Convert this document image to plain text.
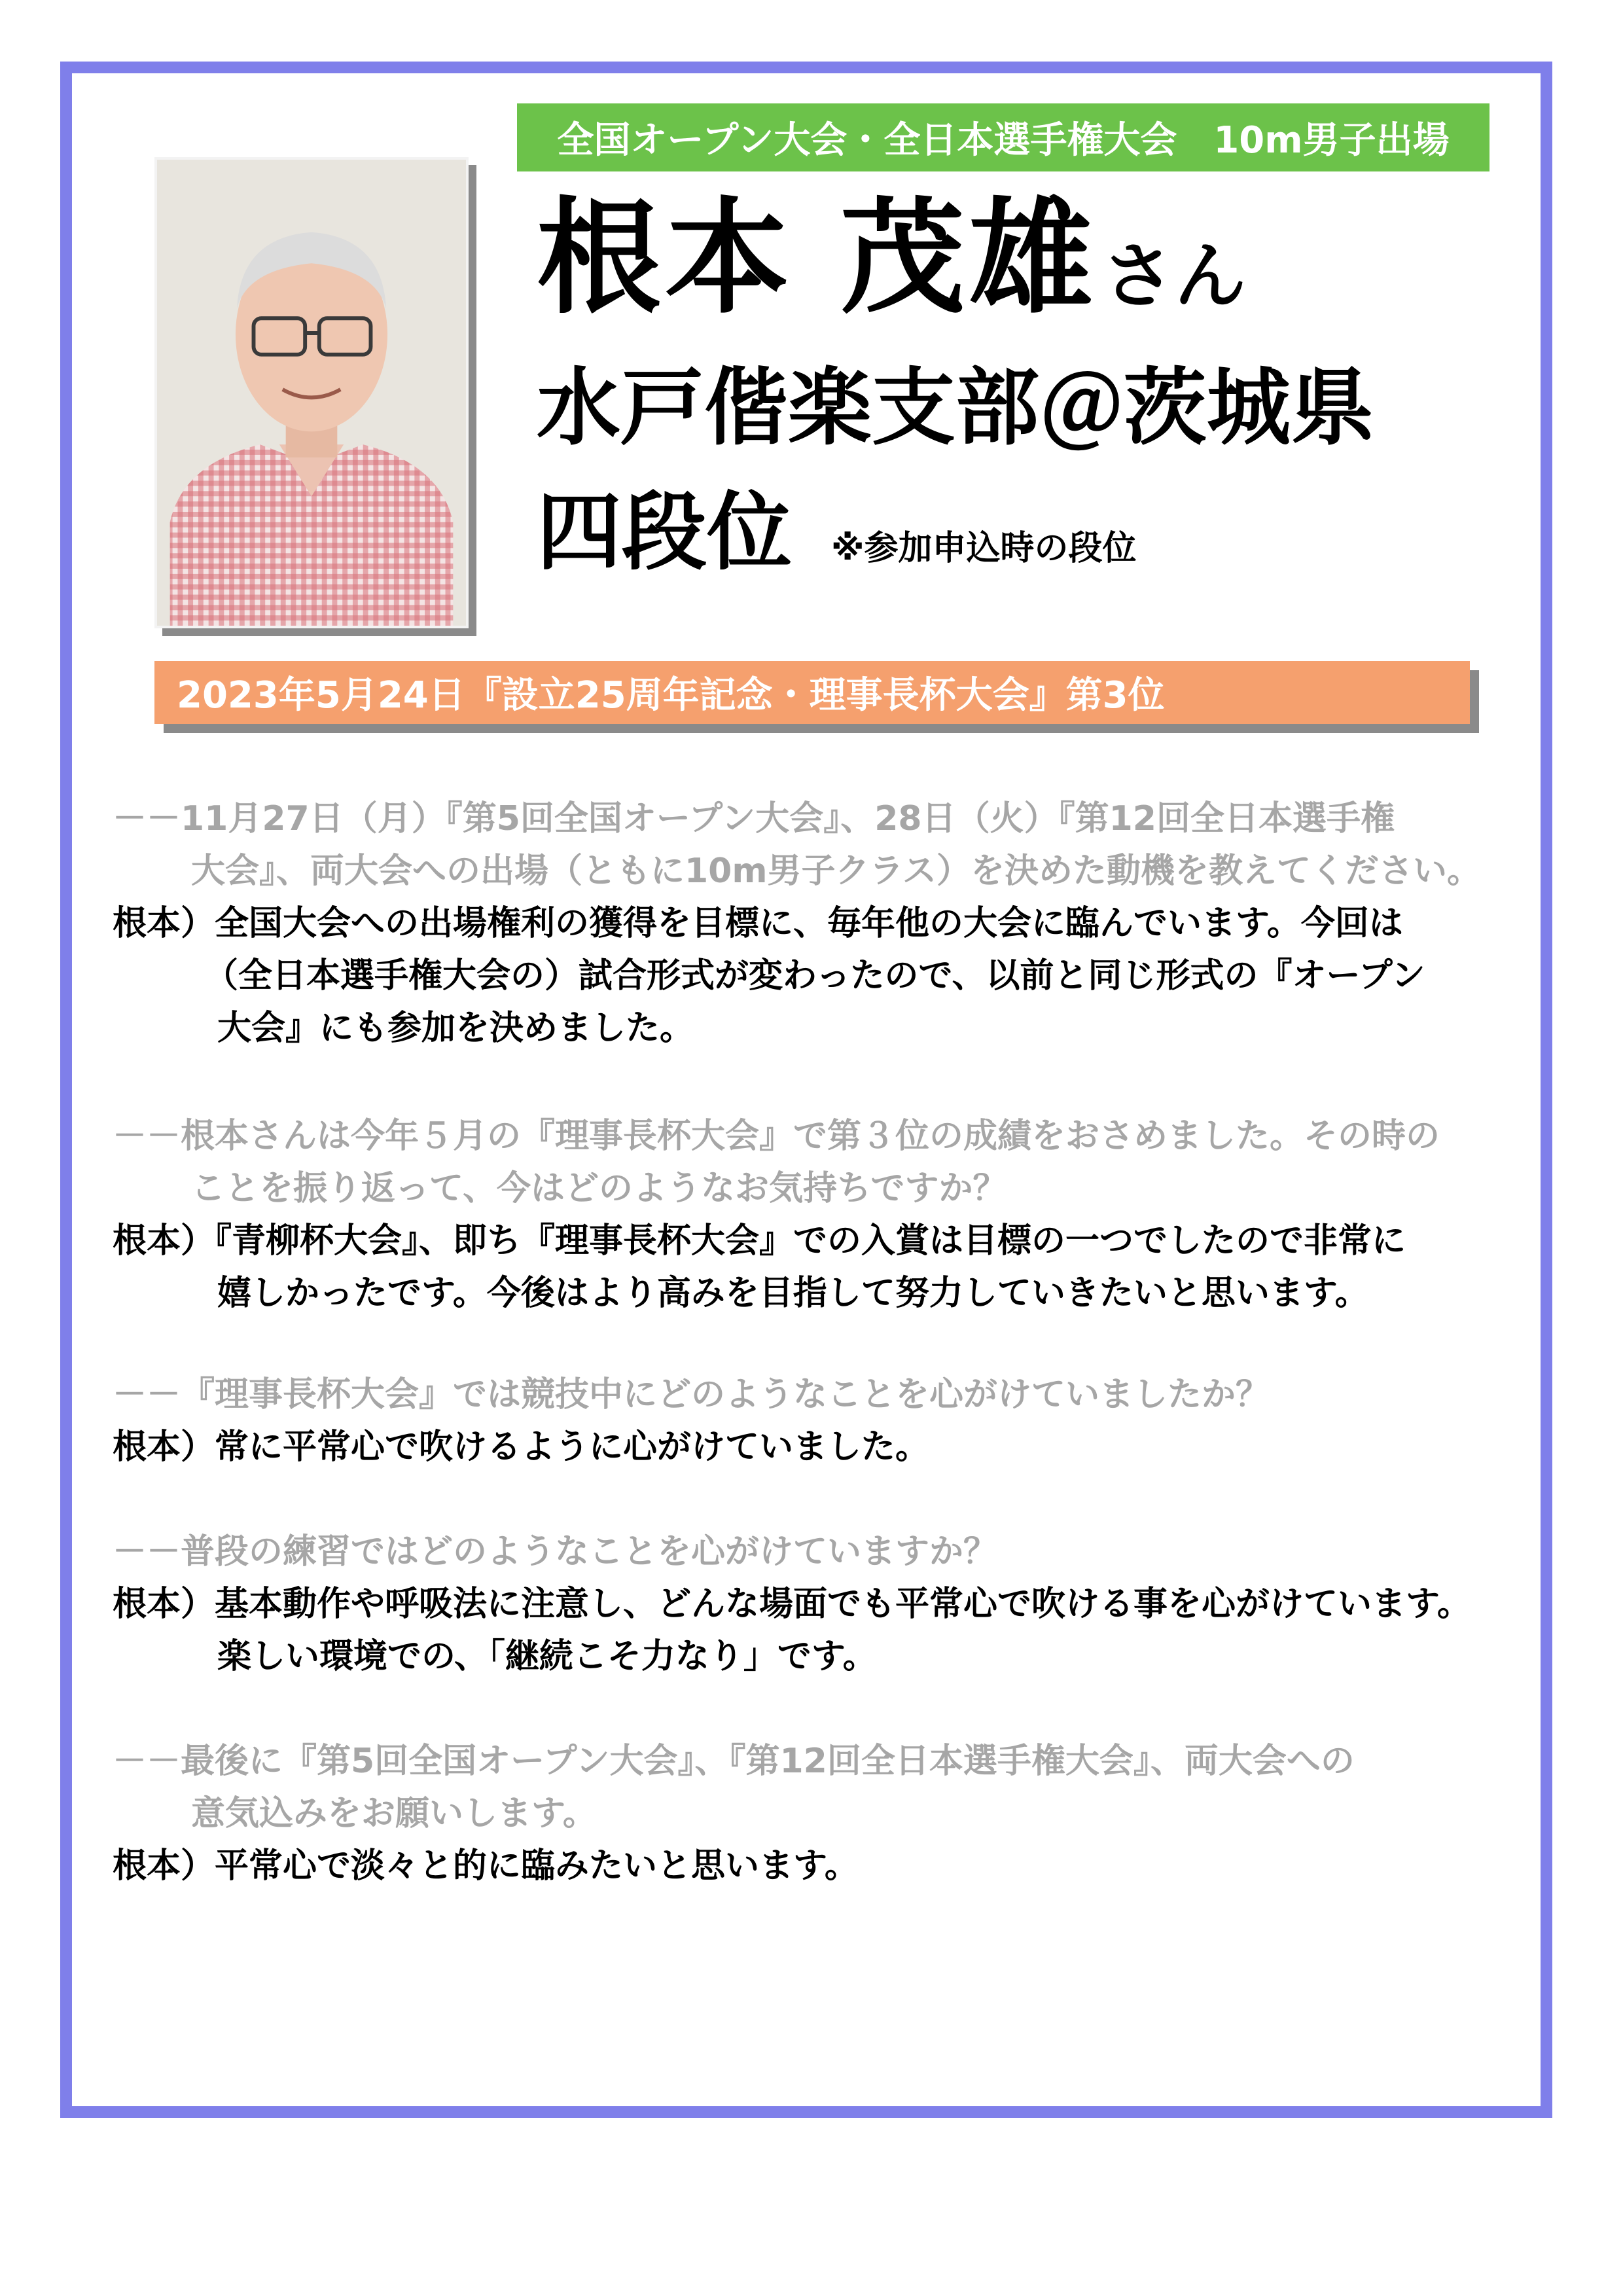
全国オープン大会・全日本選手権大会　10m男子出場
根本 茂雄さん
水戸偕楽支部＠茨城県
四段位 ※参加申込時の段位
2023年5月24日『設立25周年記念・理事長杯大会』第3位
－－11月27日（月）『第5回全国オープン大会』、28日（火）『第12回全日本選手権
大会』、両大会への出場（ともに10m男子クラス）を決めた動機を教えてください。
根本）全国大会への出場権利の獲得を目標に、毎年他の大会に臨んでいます。今回は
（全日本選手権大会の）試合形式が変わったので、以前と同じ形式の『オープン
大会』にも参加を決めました。
－－根本さんは今年５月の『理事長杯大会』で第３位の成績をおさめました。その時の
ことを振り返って、今はどのようなお気持ちですか？
根本）『青柳杯大会』、即ち『理事長杯大会』での入賞は目標の一つでしたので非常に
嬉しかったです。今後はより高みを目指して努力していきたいと思います。
－－『理事長杯大会』では競技中にどのようなことを心がけていましたか？
根本）常に平常心で吹けるように心がけていました。
－－普段の練習ではどのようなことを心がけていますか？
根本）基本動作や呼吸法に注意し、どんな場面でも平常心で吹ける事を心がけています。
楽しい環境での、「継続こそ力なり」です。
－－最後に『第5回全国オープン大会』、『第12回全日本選手権大会』、両大会への
意気込みをお願いします。
根本）平常心で淡々と的に臨みたいと思います。
